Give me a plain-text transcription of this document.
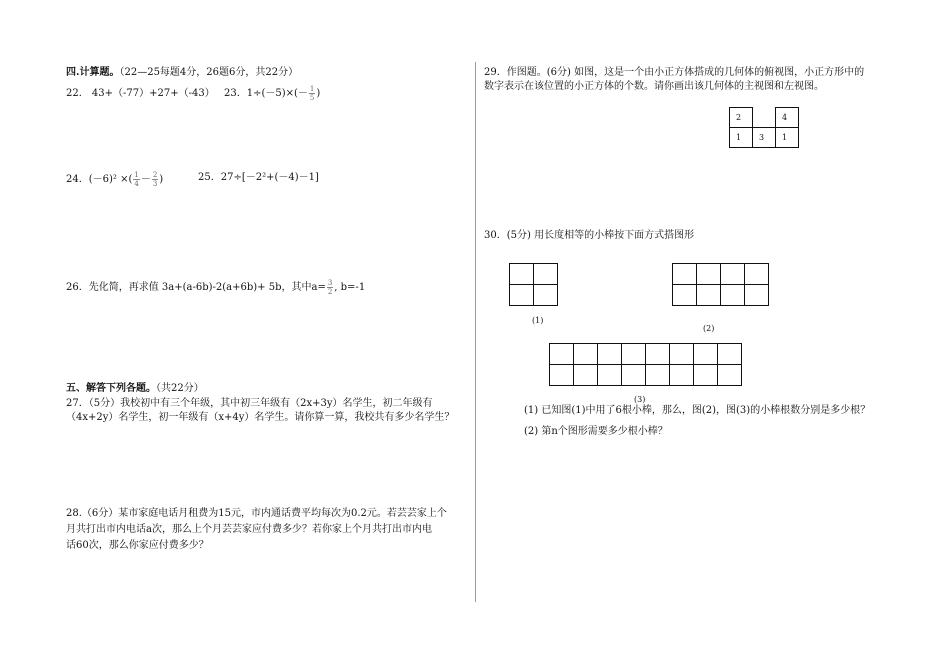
四.计算题。（22—25每题4分，26题6分，共22分）
22． 43+（-77）+27+（-43） 23．$1\div(-5)\times(- \frac{1}{5}$ )
24．(－6)² ×( $\frac{1}{4} - \frac{2}{3}$ )	25．27÷[－2²+(－4)－1]
26．先化简，再求值 3a+(a-6b)-2(a+6b)+ 5b，其中$a= \frac{3}{2}$ , b=-1
五、解答下列各题。（共22分）
27．（5分）我校初中有三个年级，其中初三年级有（2x+3y）名学生，初二年级有
（4x+2y）名学生，初一年级有（x+4y）名学生。请你算一算，我校共有多少名学生？
28.（6分）某市家庭电话月租费为15元，市内通话费平均每次为0.2元。若芸芸家上个
月共打出市内电话a次，那么上个月芸芸家应付费多少？若你家上个月共打出市内电
话60次，那么你家应付费多少？
29．作图题。(6分) 如图，这是一个由小正方体搭成的几何体的俯视图，小正方形中的
数字表示在该位置的小正方体的个数。请你画出该几何体的主视图和左视图。
2		4
1	3	1
30．(5分) 用长度相等的小棒按下面方式搭图形

(1)

(2)

(3)
(1) 已知图(1)中用了6根小棒，那么，图(2)，图(3)的小棒根数分别是多少根？
(2) 第n个图形需要多少根小棒？
